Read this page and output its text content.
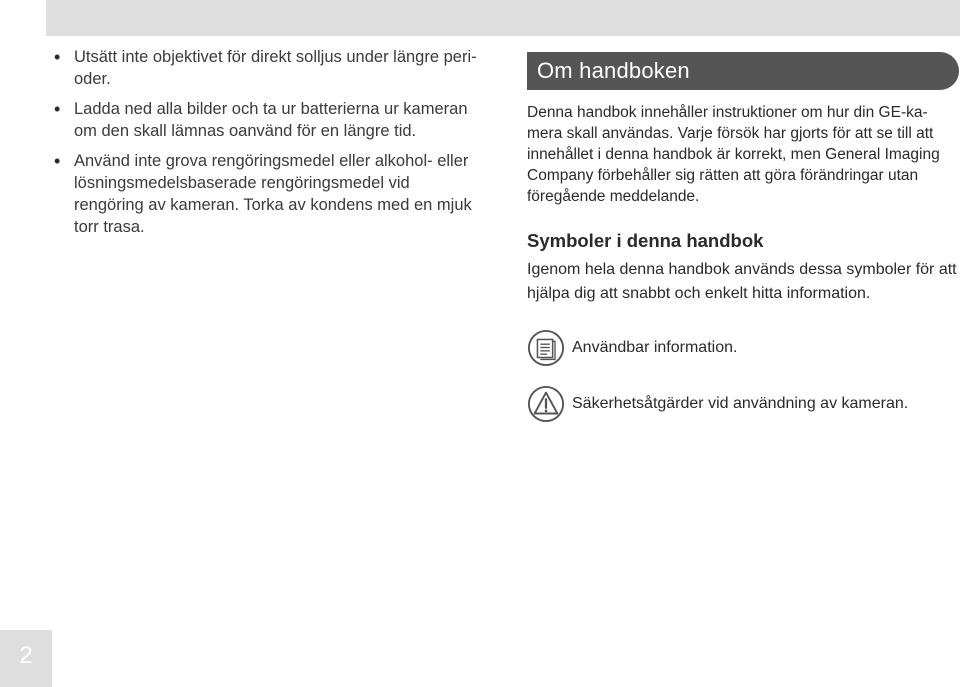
• Utsätt inte objektivet för direkt solljus under längre peri- oder.
• Ladda ned alla bilder och ta ur batterierna ur kameran om den skall lämnas oanvänd för en längre tid.
• Använd inte grova rengöringsmedel eller alkohol- eller lösningsmedelsbaserade rengöringsmedel vid rengöring av kameran. Torka av kondens med en mjuk torr trasa.
Om handboken

Denna handbok innehåller instruktioner om hur din GE-ka- mera skall användas. Varje försök har gjorts för att se till att innehållet i denna handbok är korrekt, men General Imaging Company förbehåller sig rätten att göra förändringar utan föregående meddelande.

Symboler i denna handbok

Igenom hela denna handbok används dessa symboler för att hjälpa dig att snabbt och enkelt hitta information.

Användbar information.
Säkerhetsåtgärder vid användning av kameran.
2
